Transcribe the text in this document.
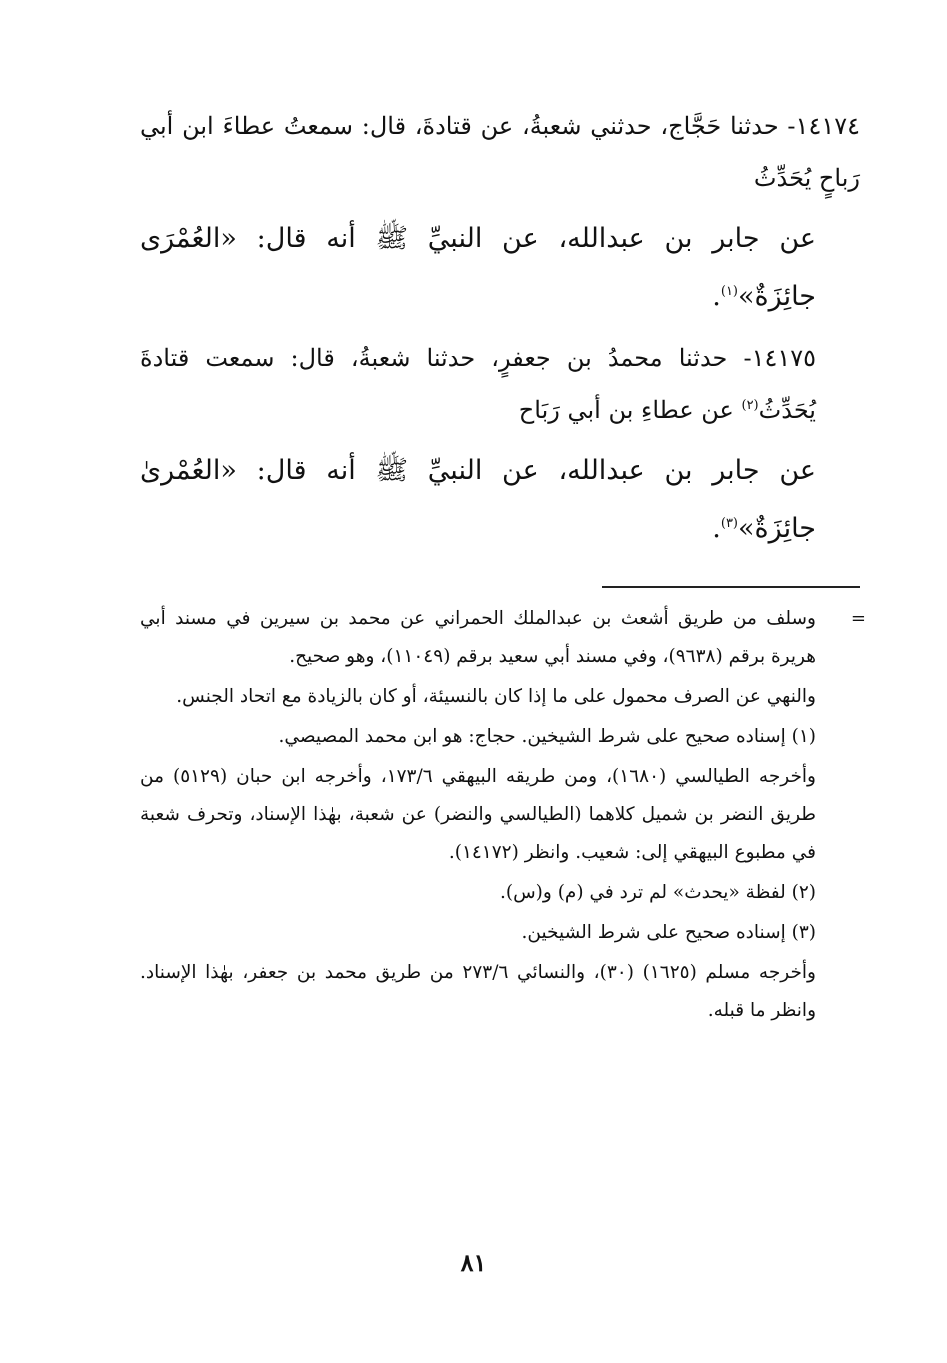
١٤١٧٤- حدثنا حَجَّاج، حدثني شعبةُ، عن قتادةَ، قال: سمعتُ عطاءَ ابن أبي رَباحٍ يُحَدِّثُ

عن جابر بن عبدالله، عن النبيِّ ﷺ أنه قال: «العُمْرَى جائِزَةٌ»$^{(١)}$.

١٤١٧٥- حدثنا محمدُ بن جعفرٍ، حدثنا شعبةُ، قال: سمعت قتادةَ يُحَدِّثُ$^{(٢)}$ عن عطاءِ بن أبي رَبَاح

عن جابر بن عبدالله، عن النبيِّ ﷺ أنه قال: «العُمْرىٰ جائِزَةٌ»$^{(٣)}$.

=
وسلف من طريق أشعث بن عبدالملك الحمراني عن محمد بن سيرين في مسند أبي هريرة برقم (٩٦٣٨)، وفي مسند أبي سعيد برقم (١١٠٤٩)، وهو صحيح.

والنهي عن الصرف محمول على ما إذا كان بالنسيئة، أو كان بالزيادة مع اتحاد الجنس.

(١) إسناده صحيح على شرط الشيخين. حجاج: هو ابن محمد المصيصي.

وأخرجه الطيالسي (١٦٨٠)، ومن طريقه البيهقي ١٧٣/٦، وأخرجه ابن حبان (٥١٢٩) من طريق النضر بن شميل كلاهما (الطيالسي والنضر) عن شعبة، بهٰذا الإسناد، وتحرف شعبة في مطبوع البيهقي إلى: شعيب. وانظر (١٤١٧٢).

(٢) لفظة «يحدث» لم ترد في (م) و(س).

(٣) إسناده صحيح على شرط الشيخين.

وأخرجه مسلم (١٦٢٥) (٣٠)، والنسائي ٢٧٣/٦ من طريق محمد بن جعفر، بهٰذا الإسناد. وانظر ما قبله.

٨١
